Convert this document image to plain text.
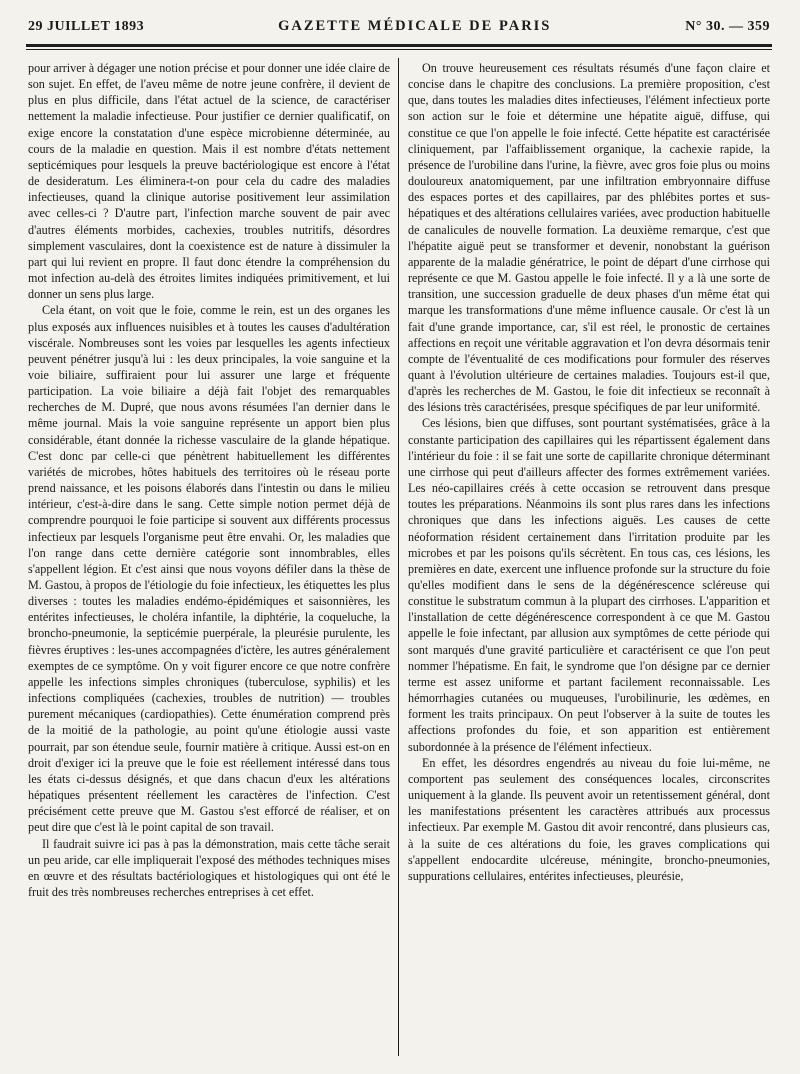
29 JUILLET 1893	GAZETTE MÉDICALE DE PARIS	N° 30. — 359

pour arriver à dégager une notion précise et pour donner une idée claire de son sujet. En effet, de l'aveu même de notre jeune confrère, il devient de plus en plus difficile, dans l'état actuel de la science, de caractériser nettement la maladie infectieuse. Pour justifier ce dernier qualificatif, on exige encore la constatation d'une espèce microbienne déterminée, au cours de la maladie en question. Mais il est nombre d'états nettement septicémiques pour lesquels la preuve bactériologique est encore à l'état de desideratum. Les éliminera-t-on pour cela du cadre des maladies infectieuses, quand la clinique autorise positivement leur assimilation avec celles-ci ? D'autre part, l'infection marche souvent de pair avec d'autres éléments morbides, cachexies, troubles nutritifs, désordres simplement vasculaires, dont la coexistence est de nature à dissimuler la part qui lui revient en propre. Il faut donc étendre la compréhension du mot infection au-delà des étroites limites indiquées primitivement, et lui donner un sens plus large.

Cela étant, on voit que le foie, comme le rein, est un des organes les plus exposés aux influences nuisibles et à toutes les causes d'adultération viscérale. Nombreuses sont les voies par lesquelles les agents infectieux peuvent pénétrer jusqu'à lui : les deux principales, la voie sanguine et la voie biliaire, suffiraient pour lui assurer une large et fréquente participation. La voie biliaire a déjà fait l'objet des remarquables recherches de M. Dupré, que nous avons résumées l'an dernier dans le même journal. Mais la voie sanguine représente un apport bien plus considérable, étant donnée la richesse vasculaire de la glande hépatique. C'est donc par celle-ci que pénètrent habituellement les différentes variétés de microbes, hôtes habituels des territoires où le réseau porte prend naissance, et les poisons élaborés dans l'intestin ou dans le milieu intérieur, c'est-à-dire dans le sang. Cette simple notion permet déjà de comprendre pourquoi le foie participe si souvent aux différents processus infectieux par lesquels l'organisme peut être envahi. Or, les maladies que l'on range dans cette dernière catégorie sont innombrables, elles s'appellent légion. Et c'est ainsi que nous voyons défiler dans la thèse de M. Gastou, à propos de l'étiologie du foie infectieux, les étiquettes les plus diverses : toutes les maladies endémo-épidémiques et saisonnières, les entérites infectieuses, le choléra infantile, la diphtérie, la coqueluche, la broncho-pneumonie, la septicémie puerpérale, la pleurésie purulente, les fièvres éruptives : les-unes accompagnées d'ictère, les autres généralement exemptes de ce symptôme. On y voit figurer encore ce que notre confrère appelle les infections simples chroniques (tuberculose, syphilis) et les infections compliquées (cachexies, troubles de nutrition) — troubles purement mécaniques (cardiopathies). Cette énumération comprend près de la moitié de la pathologie, au point qu'une étiologie aussi vaste pourrait, par son étendue seule, fournir matière à critique. Aussi est-on en droit d'exiger ici la preuve que le foie est réellement intéressé dans tous les états ci-dessus désignés, et que dans chacun d'eux les altérations hépatiques présentent réellement les caractères de l'infection. C'est précisément cette preuve que M. Gastou s'est efforcé de réaliser, et on peut dire que c'est là le point capital de son travail.

Il faudrait suivre ici pas à pas la démonstration, mais cette tâche serait un peu aride, car elle impliquerait l'exposé des méthodes techniques mises en œuvre et des résultats bactériologiques et histologiques qui ont été le fruit des très nombreuses recherches entreprises à cet effet.

On trouve heureusement ces résultats résumés d'une façon claire et concise dans le chapitre des conclusions. La première proposition, c'est que, dans toutes les maladies dites infectieuses, l'élément infectieux porte son action sur le foie et détermine une hépatite aiguë, diffuse, qui constitue ce que l'on appelle le foie infecté. Cette hépatite est caractérisée cliniquement, par l'affaiblissement organique, la cachexie rapide, la présence de l'urobiline dans l'urine, la fièvre, avec gros foie plus ou moins douloureux anatomiquement, par une infiltration embryonnaire diffuse des espaces portes et des capillaires, par des phlébites portes et sus-hépatiques et des altérations cellulaires variées, avec production habituelle de canalicules de nouvelle formation. La deuxième remarque, c'est que l'hépatite aiguë peut se transformer et devenir, nonobstant la guérison apparente de la maladie génératrice, le point de départ d'une cirrhose qui représente ce que M. Gastou appelle le foie infecté. Il y a là une sorte de transition, une succession graduelle de deux phases d'un même état qui marque les transformations d'une même influence causale. Or c'est là un fait d'une grande importance, car, s'il est réel, le pronostic de certaines affections en reçoit une véritable aggravation et l'on devra désormais tenir compte de l'éventualité de ces modifications pour formuler des réserves quant à l'évolution ultérieure de certaines maladies. Toujours est-il que, d'après les recherches de M. Gastou, le foie dit infectieux se reconnaît à des lésions très caractérisées, presque spécifiques de par leur uniformité.

Ces lésions, bien que diffuses, sont pourtant systématisées, grâce à la constante participation des capillaires qui les répartissent également dans l'intérieur du foie : il se fait une sorte de capillarite chronique déterminant une cirrhose qui peut d'ailleurs affecter des formes extrêmement variées. Les néo-capillaires créés à cette occasion se retrouvent dans presque toutes les préparations. Néanmoins ils sont plus rares dans les infections chroniques que dans les infections aiguës. Les causes de cette néoformation résident certainement dans l'irritation produite par les microbes et par les poisons qu'ils sécrètent. En tous cas, ces lésions, les premières en date, exercent une influence profonde sur la structure du foie qu'elles modifient dans le sens de la dégénérescence scléreuse qui constitue le substratum commun à la plupart des cirrhoses. L'apparition et l'installation de cette dégénérescence correspondent à ce que M. Gastou appelle le foie infectant, par allusion aux symptômes de cette période qui sont marqués d'une gravité particulière et caractérisent ce que l'on peut nommer l'hépatisme. En fait, le syndrome que l'on désigne par ce dernier terme est assez uniforme et partant facilement reconnaissable. Les hémorrhagies cutanées ou muqueuses, l'urobilinurie, les œdèmes, en forment les traits principaux. On peut l'observer à la suite de toutes les affections profondes du foie, et son apparition est entièrement subordonnée à la présence de l'élément infectieux.

En effet, les désordres engendrés au niveau du foie lui-même, ne comportent pas seulement des conséquences locales, circonscrites uniquement à la glande. Ils peuvent avoir un retentissement général, dont les manifestations présentent les caractères attribués aux processus infectieux. Par exemple M. Gastou dit avoir rencontré, dans plusieurs cas, à la suite de ces altérations du foie, les graves complications qui s'appellent endocardite ulcéreuse, méningite, broncho-pneumonies, suppurations cellulaires, entérites infectieuses, pleurésie,
